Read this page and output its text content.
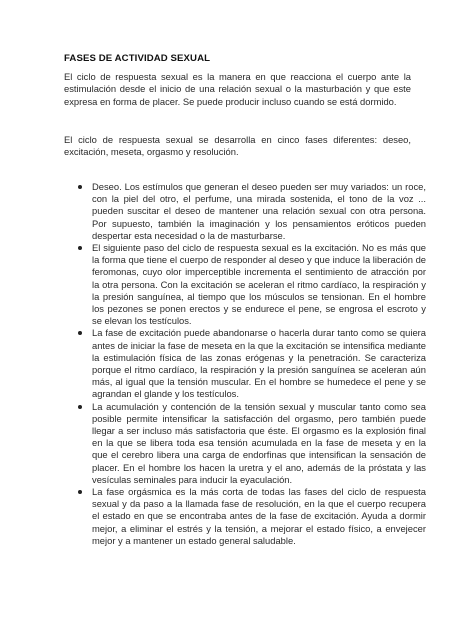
FASES DE ACTIVIDAD SEXUAL
El ciclo de respuesta sexual es la manera en que reacciona el cuerpo ante la estimulación desde el inicio de una relación sexual o la masturbación y que este expresa en forma de placer. Se puede producir incluso cuando se está dormido.
El ciclo de respuesta sexual se desarrolla en cinco fases diferentes: deseo, excitación, meseta, orgasmo y resolución.
Deseo. Los estímulos que generan el deseo pueden ser muy variados: un roce, con la piel del otro, el perfume, una mirada sostenida, el tono de la voz ... pueden suscitar el deseo de mantener una relación sexual con otra persona. Por supuesto, también la imaginación y los pensamientos eróticos pueden despertar esta necesidad o la de masturbarse.
El siguiente paso del ciclo de respuesta sexual es la excitación. No es más que la forma que tiene el cuerpo de responder al deseo y que induce la liberación de feromonas, cuyo olor imperceptible incrementa el sentimiento de atracción por la otra persona. Con la excitación se aceleran el ritmo cardíaco, la respiración y la presión sanguínea, al tiempo que los músculos se tensionan. En el hombre los pezones se ponen erectos y se endurece el pene, se engrosa el escroto y se elevan los testículos.
La fase de excitación puede abandonarse o hacerla durar tanto como se quiera antes de iniciar la fase de meseta en la que la excitación se intensifica mediante la estimulación física de las zonas erógenas y la penetración. Se caracteriza porque el ritmo cardíaco, la respiración y la presión sanguínea se aceleran aún más, al igual que la tensión muscular. En el hombre se humedece el pene y se agrandan el glande y los testículos.
La acumulación y contención de la tensión sexual y muscular tanto como sea posible permite intensificar la satisfacción del orgasmo, pero también puede llegar a ser incluso más satisfactoria que éste. El orgasmo es la explosión final en la que se libera toda esa tensión acumulada en la fase de meseta y en la que el cerebro libera una carga de endorfinas que intensifican la sensación de placer. En el hombre los hacen la uretra y el ano, además de la próstata y las vesículas seminales para inducir la eyaculación.
La fase orgásmica es la más corta de todas las fases del ciclo de respuesta sexual y da paso a la llamada fase de resolución, en la que el cuerpo recupera el estado en que se encontraba antes de la fase de excitación. Ayuda a dormir mejor, a eliminar el estrés y la tensión, a mejorar el estado físico, a envejecer mejor y a mantener un estado general saludable.
